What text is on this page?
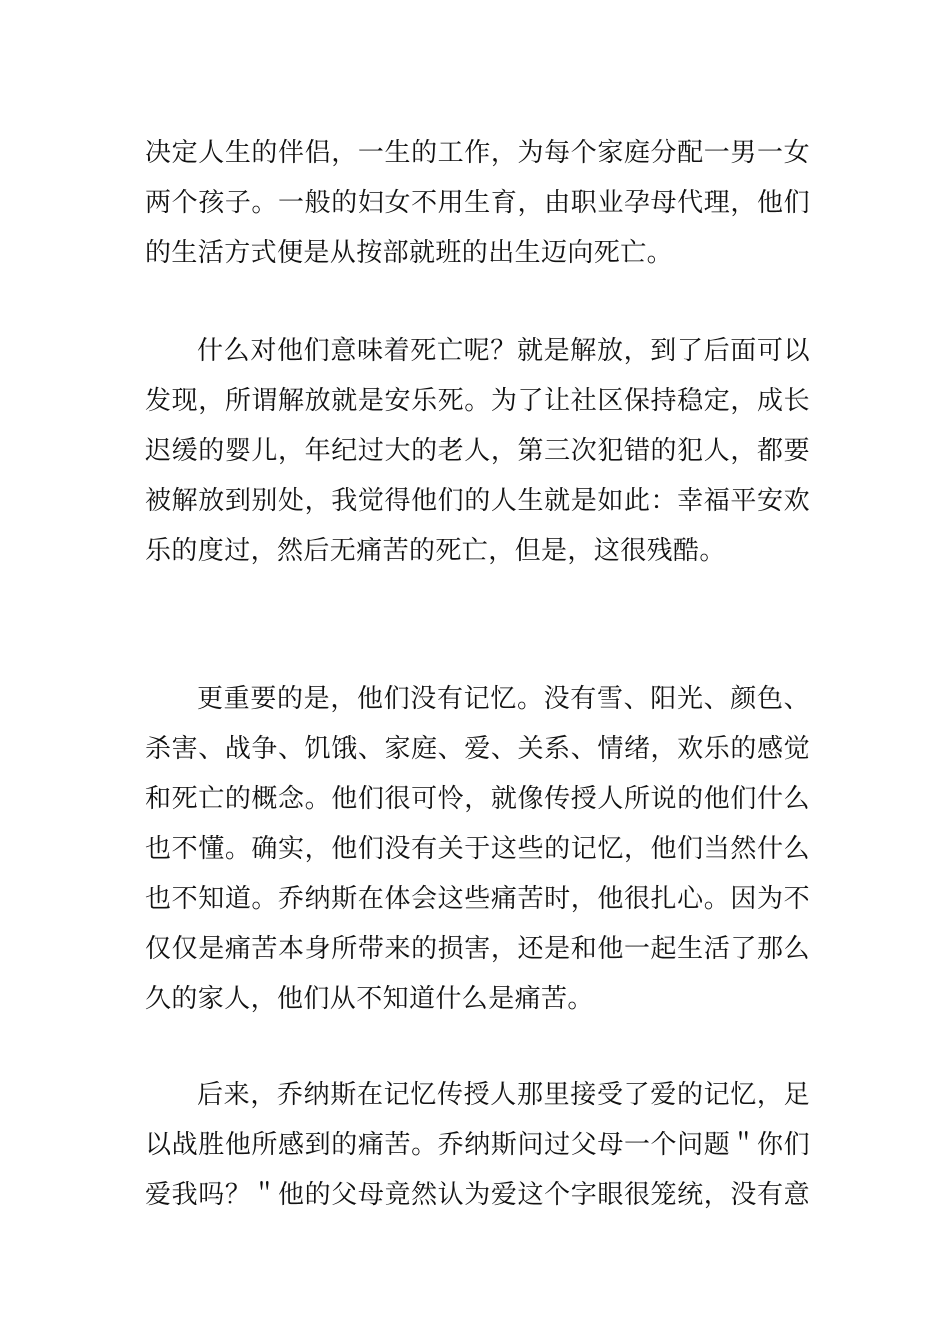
决定人生的伴侣，一生的工作，为每个家庭分配一男一女
两个孩子。一般的妇女不用生育，由职业孕母代理，他们
的生活方式便是从按部就班的出生迈向死亡。
什么对他们意味着死亡呢？就是解放，到了后面可以
发现，所谓解放就是安乐死。为了让社区保持稳定，成长
迟缓的婴儿，年纪过大的老人，第三次犯错的犯人，都要
被解放到别处，我觉得他们的人生就是如此：幸福平安欢
乐的度过，然后无痛苦的死亡，但是，这很残酷。
更重要的是，他们没有记忆。没有雪、阳光、颜色、
杀害、战争、饥饿、家庭、爱、关系、情绪，欢乐的感觉
和死亡的概念。他们很可怜，就像传授人所说的他们什么
也不懂。确实，他们没有关于这些的记忆，他们当然什么
也不知道。乔纳斯在体会这些痛苦时，他很扎心。因为不
仅仅是痛苦本身所带来的损害，还是和他一起生活了那么
久的家人，他们从不知道什么是痛苦。
后来，乔纳斯在记忆传授人那里接受了爱的记忆，足
以战胜他所感到的痛苦。乔纳斯问过父母一个问题＂你们
爱我吗？＂他的父母竟然认为爱这个字眼很笼统，没有意
